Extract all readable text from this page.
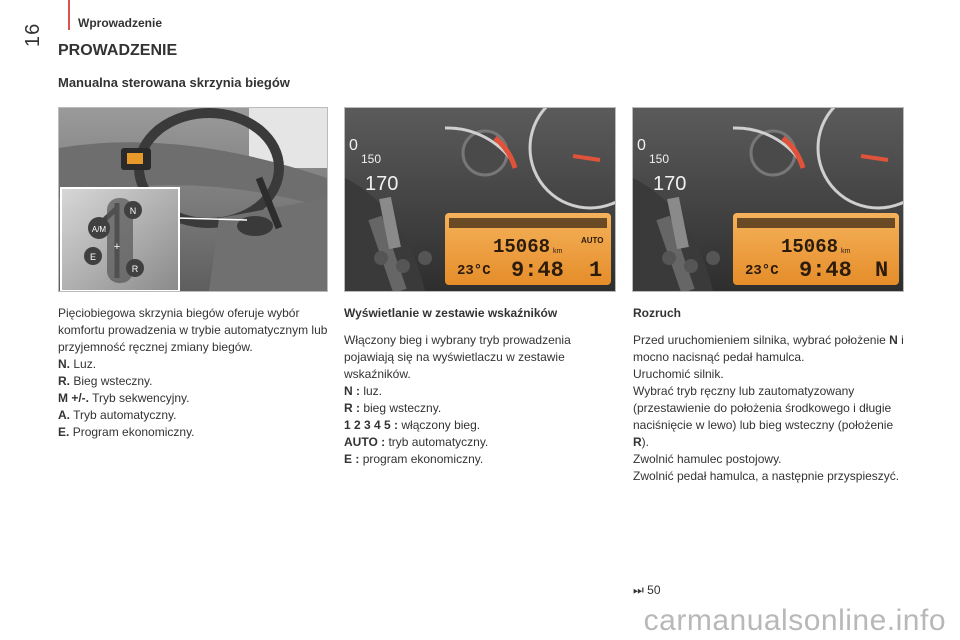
16	Wprowadzenie
PROWADZENIE
Manualna sterowana skrzynia biegów
A/M
N
E
R
+
0
150
170
15068 km
AUTO
23°C 9:48 1
0
150
170
15068 km
23°C 9:48 N

Pięciobiegowa skrzynia biegów oferuje wybór komfortu prowadzenia w trybie automatycznym lub przyjemność ręcznej zmiany biegów.

N. Luz.

R. Bieg wsteczny.

M +/-. Tryb sekwencyjny.

A. Tryb automatyczny.

E. Program ekonomiczny.

Wyświetlanie w zestawie wskaźników

Włączony bieg i wybrany tryb prowadzenia pojawiają się na wyświetlaczu w zestawie wskaźników.

N : luz.

R : bieg wsteczny.

1 2 3 4 5 : włączony bieg.

AUTO : tryb automatyczny.

E : program ekonomiczny.

Rozruch

Przed uruchomieniem silnika, wybrać położenie N i mocno nacisnąć pedał hamulca.

Uruchomić silnik.

Wybrać tryb ręczny lub zautomatyzowany (przestawienie do położenia środkowego i długie naciśnięcie w lewo) lub bieg wsteczny (położenie R).

Zwolnić hamulec postojowy.

Zwolnić pedał hamulca, a następnie przyspieszyć.

⏭ 50
carmanualsonline.info
